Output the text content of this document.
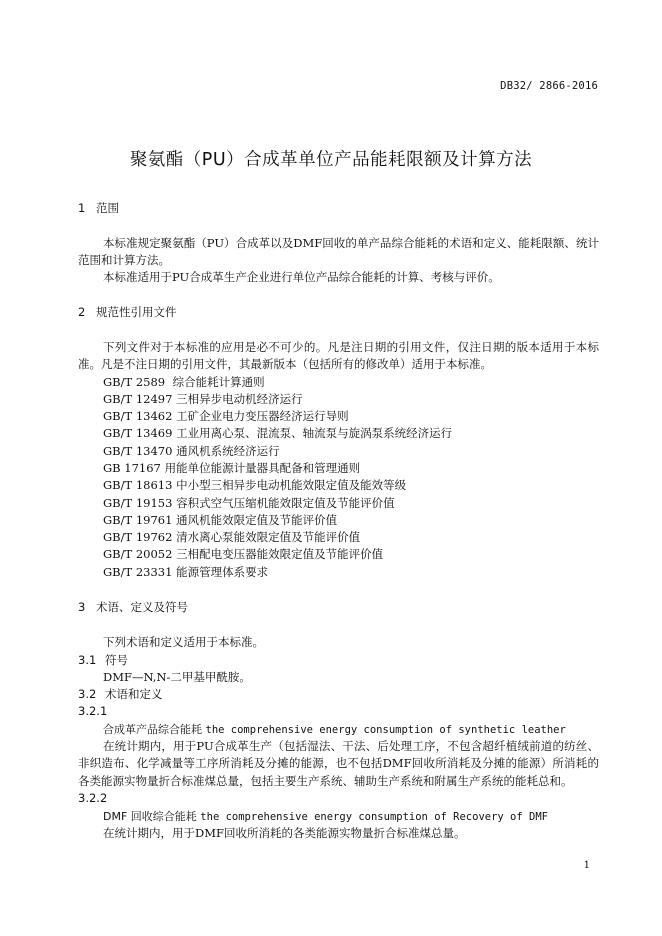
DB32/ 2866-2016
聚氨酯（PU）合成革单位产品能耗限额及计算方法
1 范围
本标准规定聚氨酯（PU）合成革以及DMF回收的单产品综合能耗的术语和定义、能耗限额、统计范围和计算方法。
本标准适用于PU合成革生产企业进行单位产品综合能耗的计算、考核与评价。
2 规范性引用文件
下列文件对于本标准的应用是必不可少的。凡是注日期的引用文件，仅注日期的版本适用于本标准。凡是不注日期的引用文件，其最新版本（包括所有的修改单）适用于本标准。
GB/T 2589 综合能耗计算通则
GB/T 12497 三相异步电动机经济运行
GB/T 13462 工矿企业电力变压器经济运行导则
GB/T 13469 工业用离心泵、混流泵、轴流泵与旋涡泵系统经济运行
GB/T 13470 通风机系统经济运行
GB 17167 用能单位能源计量器具配备和管理通则
GB/T 18613 中小型三相异步电动机能效限定值及能效等级
GB/T 19153 容积式空气压缩机能效限定值及节能评价值
GB/T 19761 通风机能效限定值及节能评价值
GB/T 19762 清水离心泵能效限定值及节能评价值
GB/T 20052 三相配电变压器能效限定值及节能评价值
GB/T 23331 能源管理体系要求
3 术语、定义及符号
下列术语和定义适用于本标准。
3.1 符号
DMF—N,N-二甲基甲酰胺。
3.2 术语和定义
3.2.1
合成革产品综合能耗 the comprehensive energy consumption of synthetic leather
在统计期内，用于PU合成革生产（包括湿法、干法、后处理工序，不包含超纤植绒前道的纺丝、非织造布、化学减量等工序所消耗及分摊的能源，也不包括DMF回收所消耗及分摊的能源）所消耗的各类能源实物量折合标准煤总量，包括主要生产系统、辅助生产系统和附属生产系统的能耗总和。
3.2.2
DMF 回收综合能耗 the comprehensive energy consumption of Recovery of DMF
在统计期内，用于DMF回收所消耗的各类能源实物量折合标准煤总量。
1
